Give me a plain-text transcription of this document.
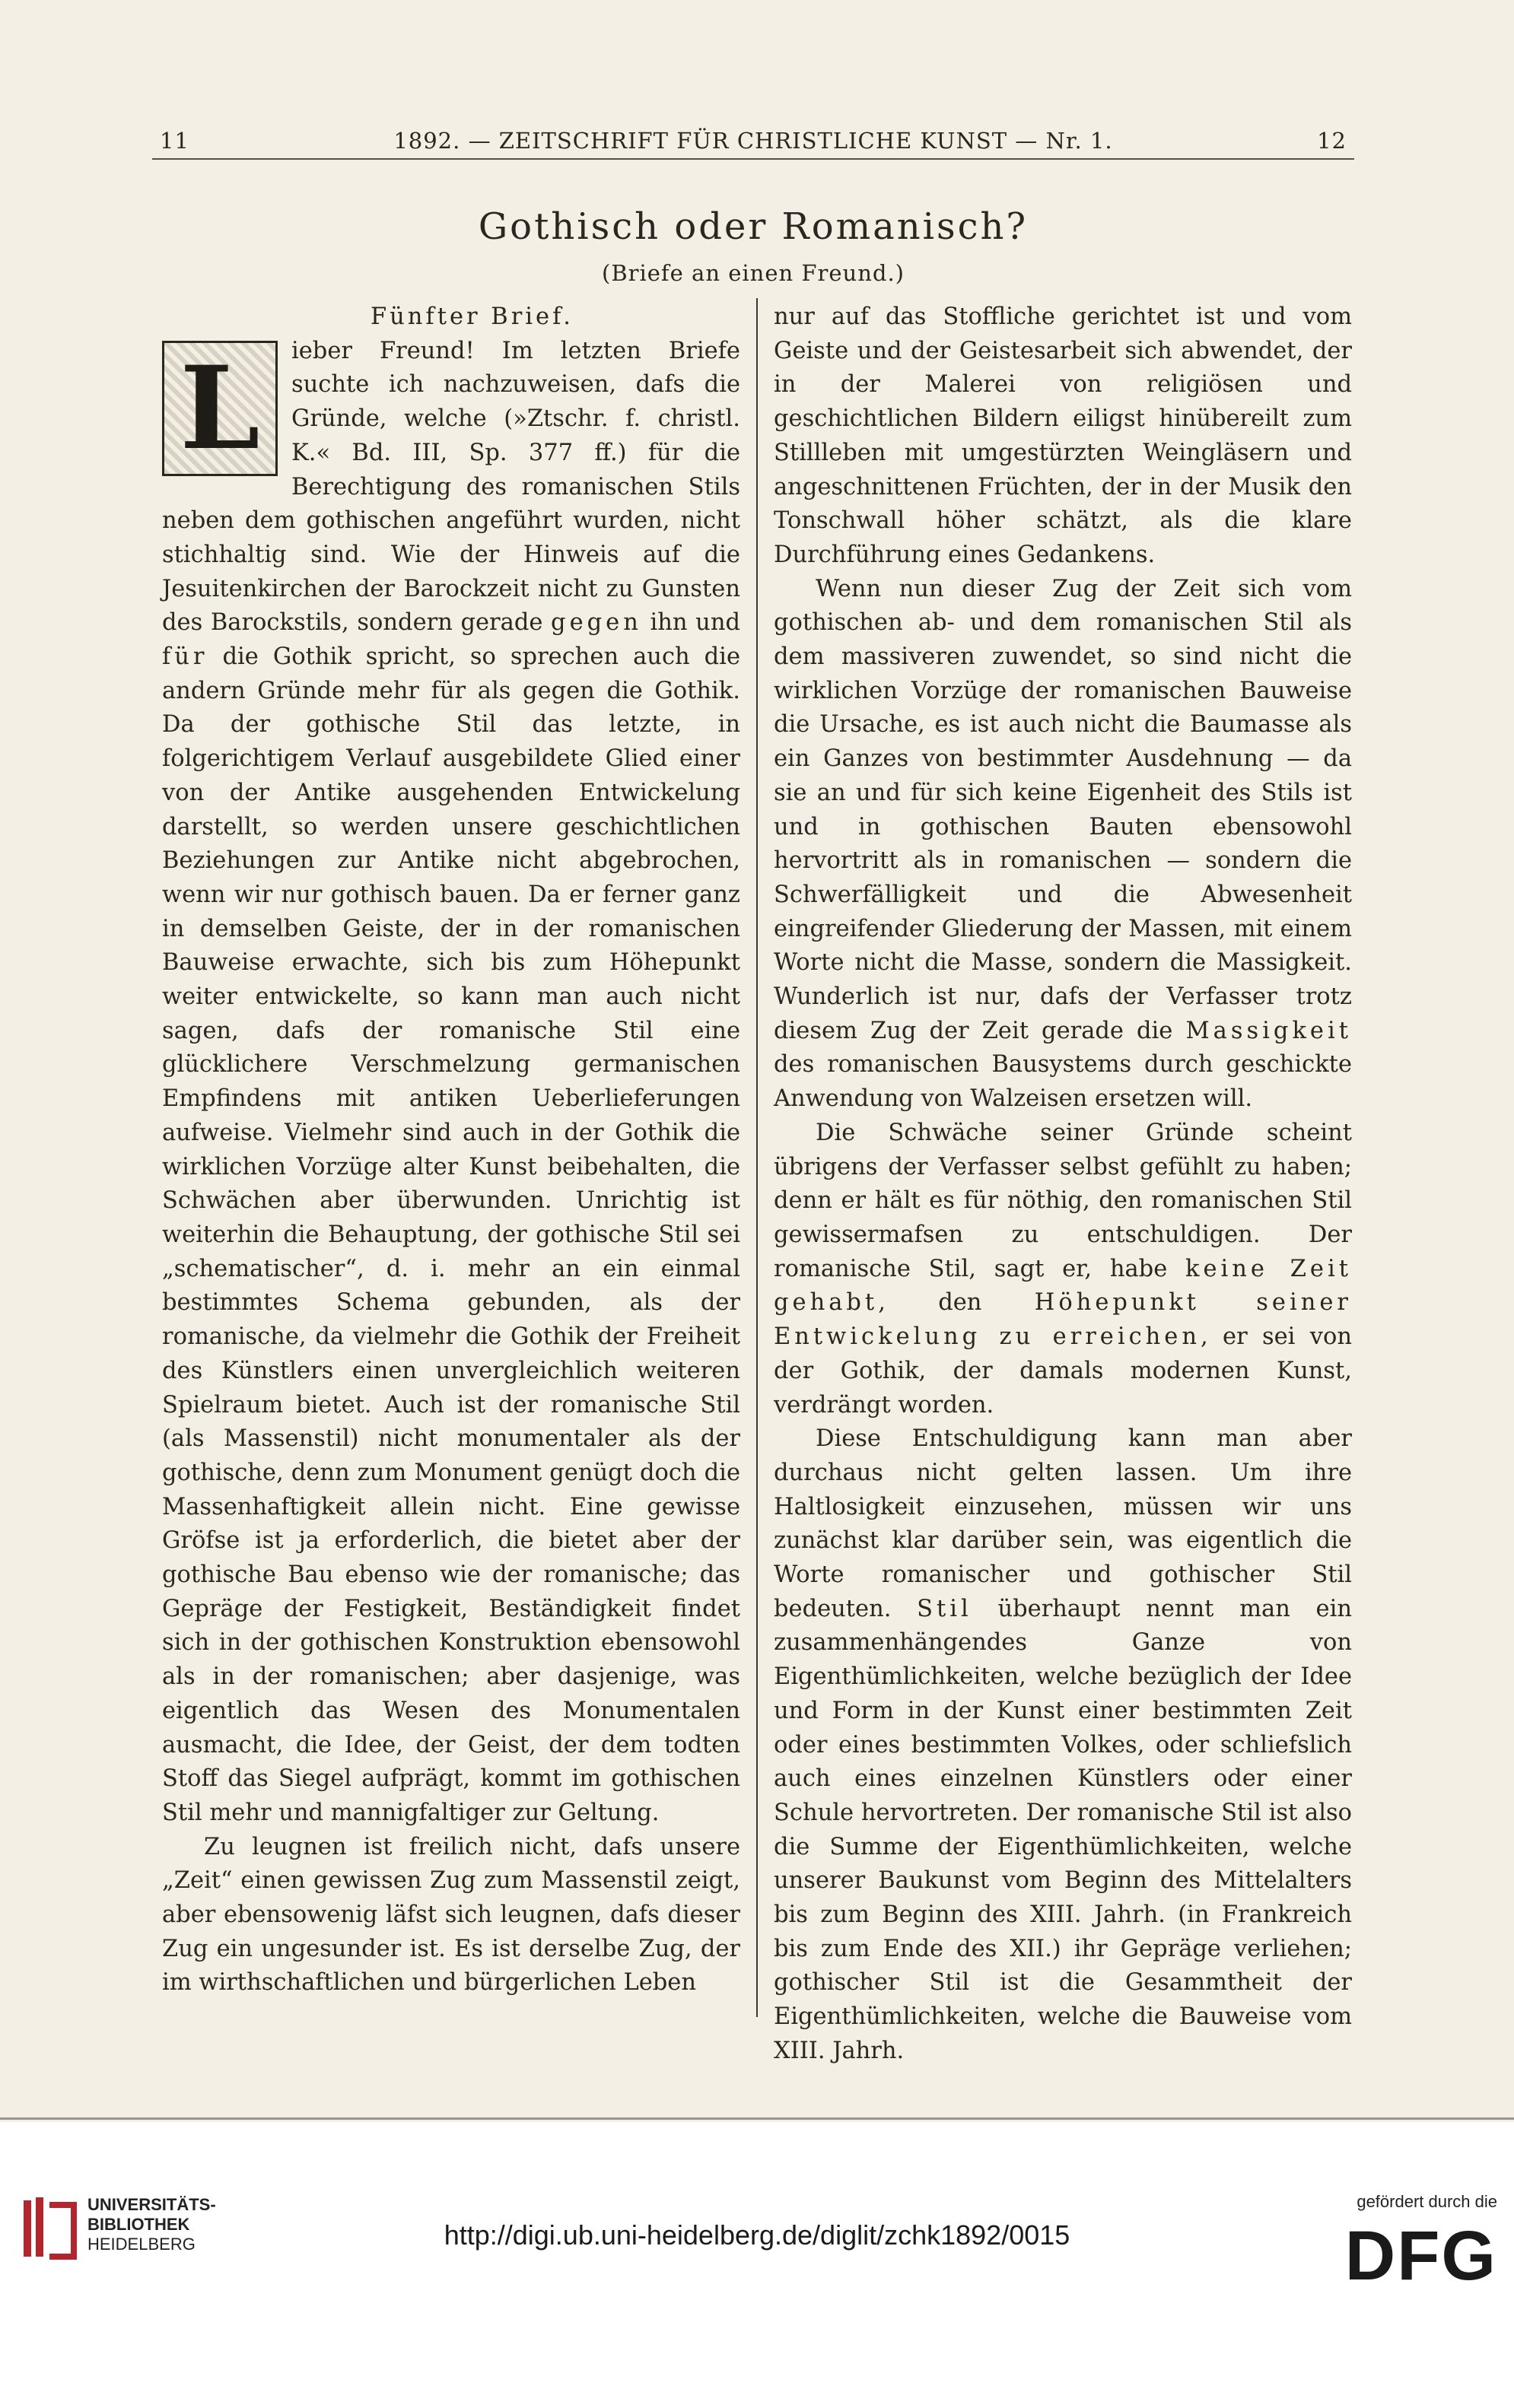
11	1892. — ZEITSCHRIFT FÜR CHRISTLICHE KUNST — Nr. 1.	12
Gothisch oder Romanisch?
(Briefe an einen Freund.)

Fünfter Brief.

L	ieber Freund! Im letzten Briefe suchte ich nachzuweisen, dafs die Gründe, welche (»Ztschr. f. christl. K.« Bd. III, Sp. 377 ff.) für die Berechtigung des romanischen Stils neben dem gothischen angeführt wurden, nicht stichhaltig sind. Wie der Hinweis auf die Jesuitenkirchen der Barockzeit nicht zu Gunsten des Barockstils, sondern gerade gegen ihn und für die Gothik spricht, so sprechen auch die andern Gründe mehr für als gegen die Gothik. Da der gothische Stil das letzte, in folgerichtigem Verlauf ausgebildete Glied einer von der Antike ausgehenden Entwickelung darstellt, so werden unsere geschichtlichen Beziehungen zur Antike nicht abgebrochen, wenn wir nur gothisch bauen. Da er ferner ganz in demselben Geiste, der in der romanischen Bauweise erwachte, sich bis zum Höhepunkt weiter entwickelte, so kann man auch nicht sagen, dafs der romanische Stil eine glücklichere Verschmelzung germanischen Empfindens mit antiken Ueberlieferungen aufweise. Vielmehr sind auch in der Gothik die wirklichen Vorzüge alter Kunst beibehalten, die Schwächen aber überwunden. Unrichtig ist weiterhin die Behauptung, der gothische Stil sei „schematischer“, d. i. mehr an ein einmal bestimmtes Schema gebunden, als der romanische, da vielmehr die Gothik der Freiheit des Künstlers einen unvergleichlich weiteren Spielraum bietet. Auch ist der romanische Stil (als Massenstil) nicht monumentaler als der gothische, denn zum Monument genügt doch die Massenhaftigkeit allein nicht. Eine gewisse Gröfse ist ja erforderlich, die bietet aber der gothische Bau ebenso wie der romanische; das Gepräge der Festigkeit, Beständigkeit findet sich in der gothischen Konstruktion ebensowohl als in der romanischen; aber dasjenige, was eigentlich das Wesen des Monumentalen ausmacht, die Idee, der Geist, der dem todten Stoff das Siegel aufprägt, kommt im gothischen Stil mehr und mannigfaltiger zur Geltung.

Zu leugnen ist freilich nicht, dafs unsere „Zeit“ einen gewissen Zug zum Massenstil zeigt, aber ebensowenig läfst sich leugnen, dafs dieser Zug ein ungesunder ist. Es ist derselbe Zug, der im wirthschaftlichen und bürgerlichen Leben

nur auf das Stoffliche gerichtet ist und vom Geiste und der Geistesarbeit sich abwendet, der in der Malerei von religiösen und geschichtlichen Bildern eiligst hinübereilt zum Stillleben mit umgestürzten Weingläsern und angeschnittenen Früchten, der in der Musik den Tonschwall höher schätzt, als die klare Durchführung eines Gedankens.

Wenn nun dieser Zug der Zeit sich vom gothischen ab- und dem romanischen Stil als dem massiveren zuwendet, so sind nicht die wirklichen Vorzüge der romanischen Bauweise die Ursache, es ist auch nicht die Baumasse als ein Ganzes von bestimmter Ausdehnung — da sie an und für sich keine Eigenheit des Stils ist und in gothischen Bauten ebensowohl hervortritt als in romanischen — sondern die Schwerfälligkeit und die Abwesenheit eingreifender Gliederung der Massen, mit einem Worte nicht die Masse, sondern die Massigkeit. Wunderlich ist nur, dafs der Verfasser trotz diesem Zug der Zeit gerade die Massigkeit des romanischen Bausystems durch geschickte Anwendung von Walzeisen ersetzen will.

Die Schwäche seiner Gründe scheint übrigens der Verfasser selbst gefühlt zu haben; denn er hält es für nöthig, den romanischen Stil gewissermafsen zu entschuldigen. Der romanische Stil, sagt er, habe keine Zeit gehabt, den Höhepunkt seiner Entwickelung zu erreichen, er sei von der Gothik, der damals modernen Kunst, verdrängt worden.

Diese Entschuldigung kann man aber durchaus nicht gelten lassen. Um ihre Haltlosigkeit einzusehen, müssen wir uns zunächst klar darüber sein, was eigentlich die Worte romanischer und gothischer Stil bedeuten. Stil überhaupt nennt man ein zusammenhängendes Ganze von Eigenthümlichkeiten, welche bezüglich der Idee und Form in der Kunst einer bestimmten Zeit oder eines bestimmten Volkes, oder schliefslich auch eines einzelnen Künstlers oder einer Schule hervortreten. Der romanische Stil ist also die Summe der Eigenthümlichkeiten, welche unserer Baukunst vom Beginn des Mittelalters bis zum Beginn des XIII. Jahrh. (in Frankreich bis zum Ende des XII.) ihr Gepräge verliehen; gothischer Stil ist die Gesammtheit der Eigenthümlichkeiten, welche die Bauweise vom XIII. Jahrh.

UNIVERSITÄTS-
BIBLIOTHEK
HEIDELBERG	http://digi.ub.uni-heidelberg.de/diglit/zchk1892/0015
gefördert durch die
DFG
